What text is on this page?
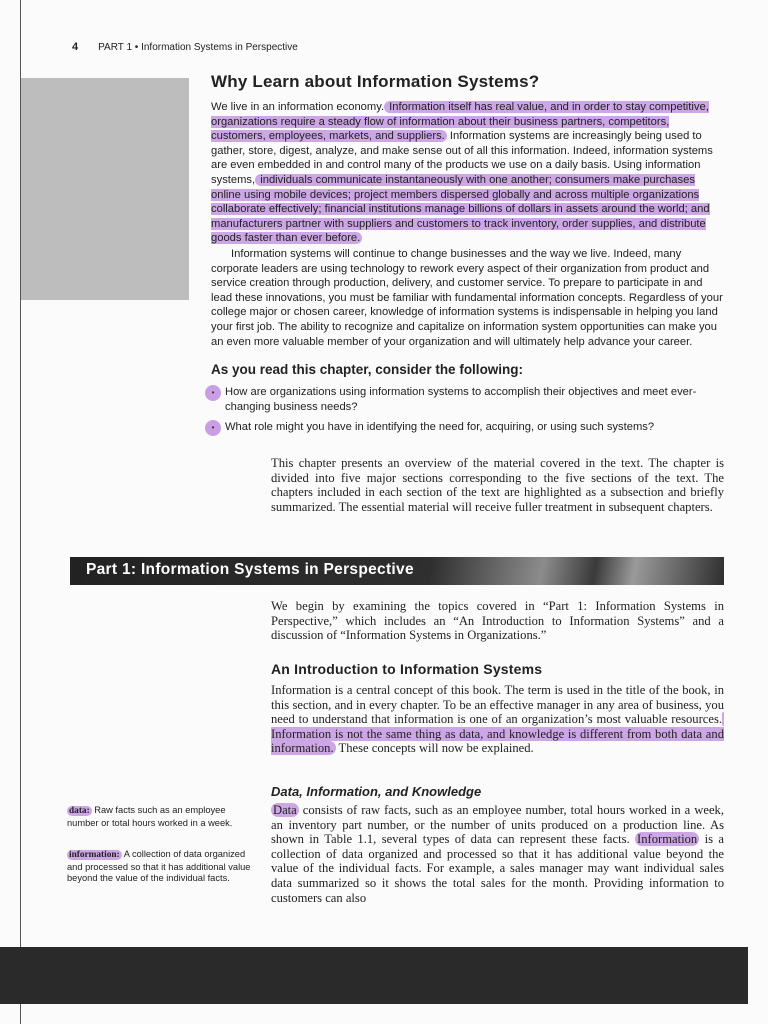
4 PART 1 • Information Systems in Perspective
Why Learn about Information Systems?

We live in an information economy. Information itself has real value, and in order to stay competitive, organizations require a steady flow of information about their business partners, competitors, customers, employees, markets, and suppliers. Information systems are increasingly being used to gather, store, digest, analyze, and make sense out of all this information. Indeed, information systems are even embedded in and control many of the products we use on a daily basis. Using information systems, individuals communicate instantaneously with one another; consumers make purchases online using mobile devices; project members dispersed globally and across multiple organizations collaborate effectively; financial institutions manage billions of dollars in assets around the world; and manufacturers partner with suppliers and customers to track inventory, order supplies, and distribute goods faster than ever before.

Information systems will continue to change businesses and the way we live. Indeed, many corporate leaders are using technology to rework every aspect of their organization from product and service creation through production, delivery, and customer service. To prepare to participate in and lead these innovations, you must be familiar with fundamental information concepts. Regardless of your college major or chosen career, knowledge of information systems is indispensable in helping you land your first job. The ability to recognize and capitalize on information system opportunities can make you an even more valuable member of your organization and will ultimately help advance your career.

As you read this chapter, consider the following:
• How are organizations using information systems to accomplish their objectives and meet ever-changing business needs?
• What role might you have in identifying the need for, acquiring, or using such systems?

This chapter presents an overview of the material covered in the text. The chapter is divided into five major sections corresponding to the five sections of the text. The chapters included in each section of the text are highlighted as a subsection and briefly summarized. The essential material will receive fuller treatment in subsequent chapters.

Part 1: Information Systems in Perspective

We begin by examining the topics covered in “Part 1: Information Systems in Perspective,” which includes an “An Introduction to Information Systems” and a discussion of “Information Systems in Organizations.”

An Introduction to Information Systems

Information is a central concept of this book. The term is used in the title of the book, in this section, and in every chapter. To be an effective manager in any area of business, you need to understand that information is one of an organization’s most valuable resources. Information is not the same thing as data, and knowledge is different from both data and information. These concepts will now be explained.

Data, Information, and Knowledge

Data consists of raw facts, such as an employee number, total hours worked in a week, an inventory part number, or the number of units produced on a production line. As shown in Table 1.1, several types of data can represent these facts. Information is a collection of data organized and processed so that it has additional value beyond the value of the individual facts. For example, a sales manager may want individual sales data summarized so it shows the total sales for the month. Providing information to customers can also

data: Raw facts such as an employee number or total hours worked in a week.

information: A collection of data organized and processed so that it has additional value beyond the value of the individual facts.
